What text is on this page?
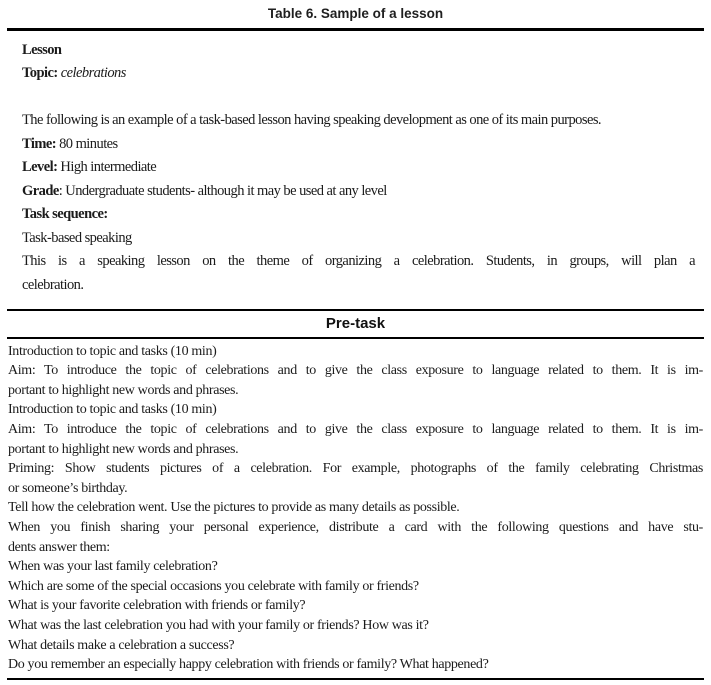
Table 6. Sample of a lesson
Lesson
Topic: celebrations

The following is an example of a task-based lesson having speaking development as one of its main purposes.
Time: 80 minutes
Level: High intermediate
Grade: Undergraduate students- although it may be used at any level
Task sequence:
Task-based speaking
This is a speaking lesson on the theme of organizing a celebration. Students, in groups, will plan a
celebration.
Pre-task
Introduction to topic and tasks (10 min)
Aim: To introduce the topic of celebrations and to give the class exposure to language related to them. It is im-
portant to highlight new words and phrases.
Introduction to topic and tasks (10 min)
Aim: To introduce the topic of celebrations and to give the class exposure to language related to them. It is im-
portant to highlight new words and phrases.
Priming: Show students pictures of a celebration. For example, photographs of the family celebrating Christmas
or someone’s birthday.
Tell how the celebration went. Use the pictures to provide as many details as possible.
When you finish sharing your personal experience, distribute a card with the following questions and have stu-
dents answer them:
When was your last family celebration?
Which are some of the special occasions you celebrate with family or friends?
What is your favorite celebration with friends or family?
What was the last celebration you had with your family or friends? How was it?
What details make a celebration a success?
Do you remember an especially happy celebration with friends or family? What happened?
